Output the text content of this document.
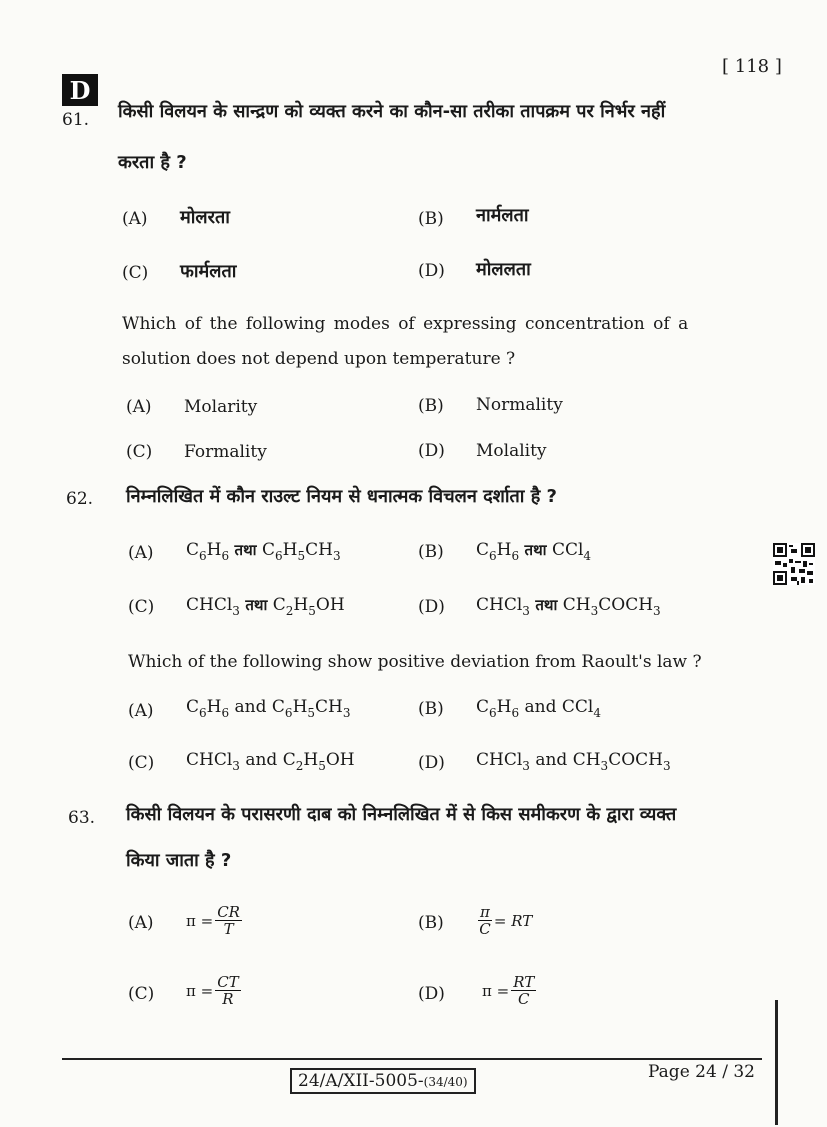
[ 118 ]
D
61. किसी विलयन के सान्द्रण को व्यक्त करने का कौन-सा तरीका तापक्रम पर निर्भर नहीं
करता है ?
(A) मोलरता	(B) नार्मलता
(C) फार्मलता	(D) मोललता
Which of the following modes of expressing concentration of a
solution does not depend upon temperature ?
(A) Molarity	(B) Normality
(C) Formality	(D) Molality
62. निम्नलिखित में कौन राउल्ट नियम से धनात्मक विचलन दर्शाता है ?
(A) $C_6H_6$ तथा $C_6H_5CH_3$	(B) $C_6H_6$ तथा CCl$_4$
(C) CHCl$_3$ तथा $C_2H_5OH$	(D) CHCl$_3$ तथा $CH_3COCH_3$
Which of the following show positive deviation from Raoult's law ?
(A) $C_6H_6$ and $C_6H_5CH_3$	(B) $C_6H_6$ and CCl$_4$
(C) CHCl$_3$ and $C_2H_5OH$	(D) CHCl$_3$ and $CH_3COCH_3$
63. किसी विलयन के परासरणी दाब को निम्नलिखित में से किस समीकरण के द्वारा व्यक्त
किया जाता है ?
(A) $\pi = \frac{CR}{T}$	$(B) \frac{\pi}{C}$ = RT
(C) $\pi = \frac{CT}{R}$	(D) $\pi = \frac{RT}{C}$
24/A/XII-5005-(34/40)	Page 24 / 32
